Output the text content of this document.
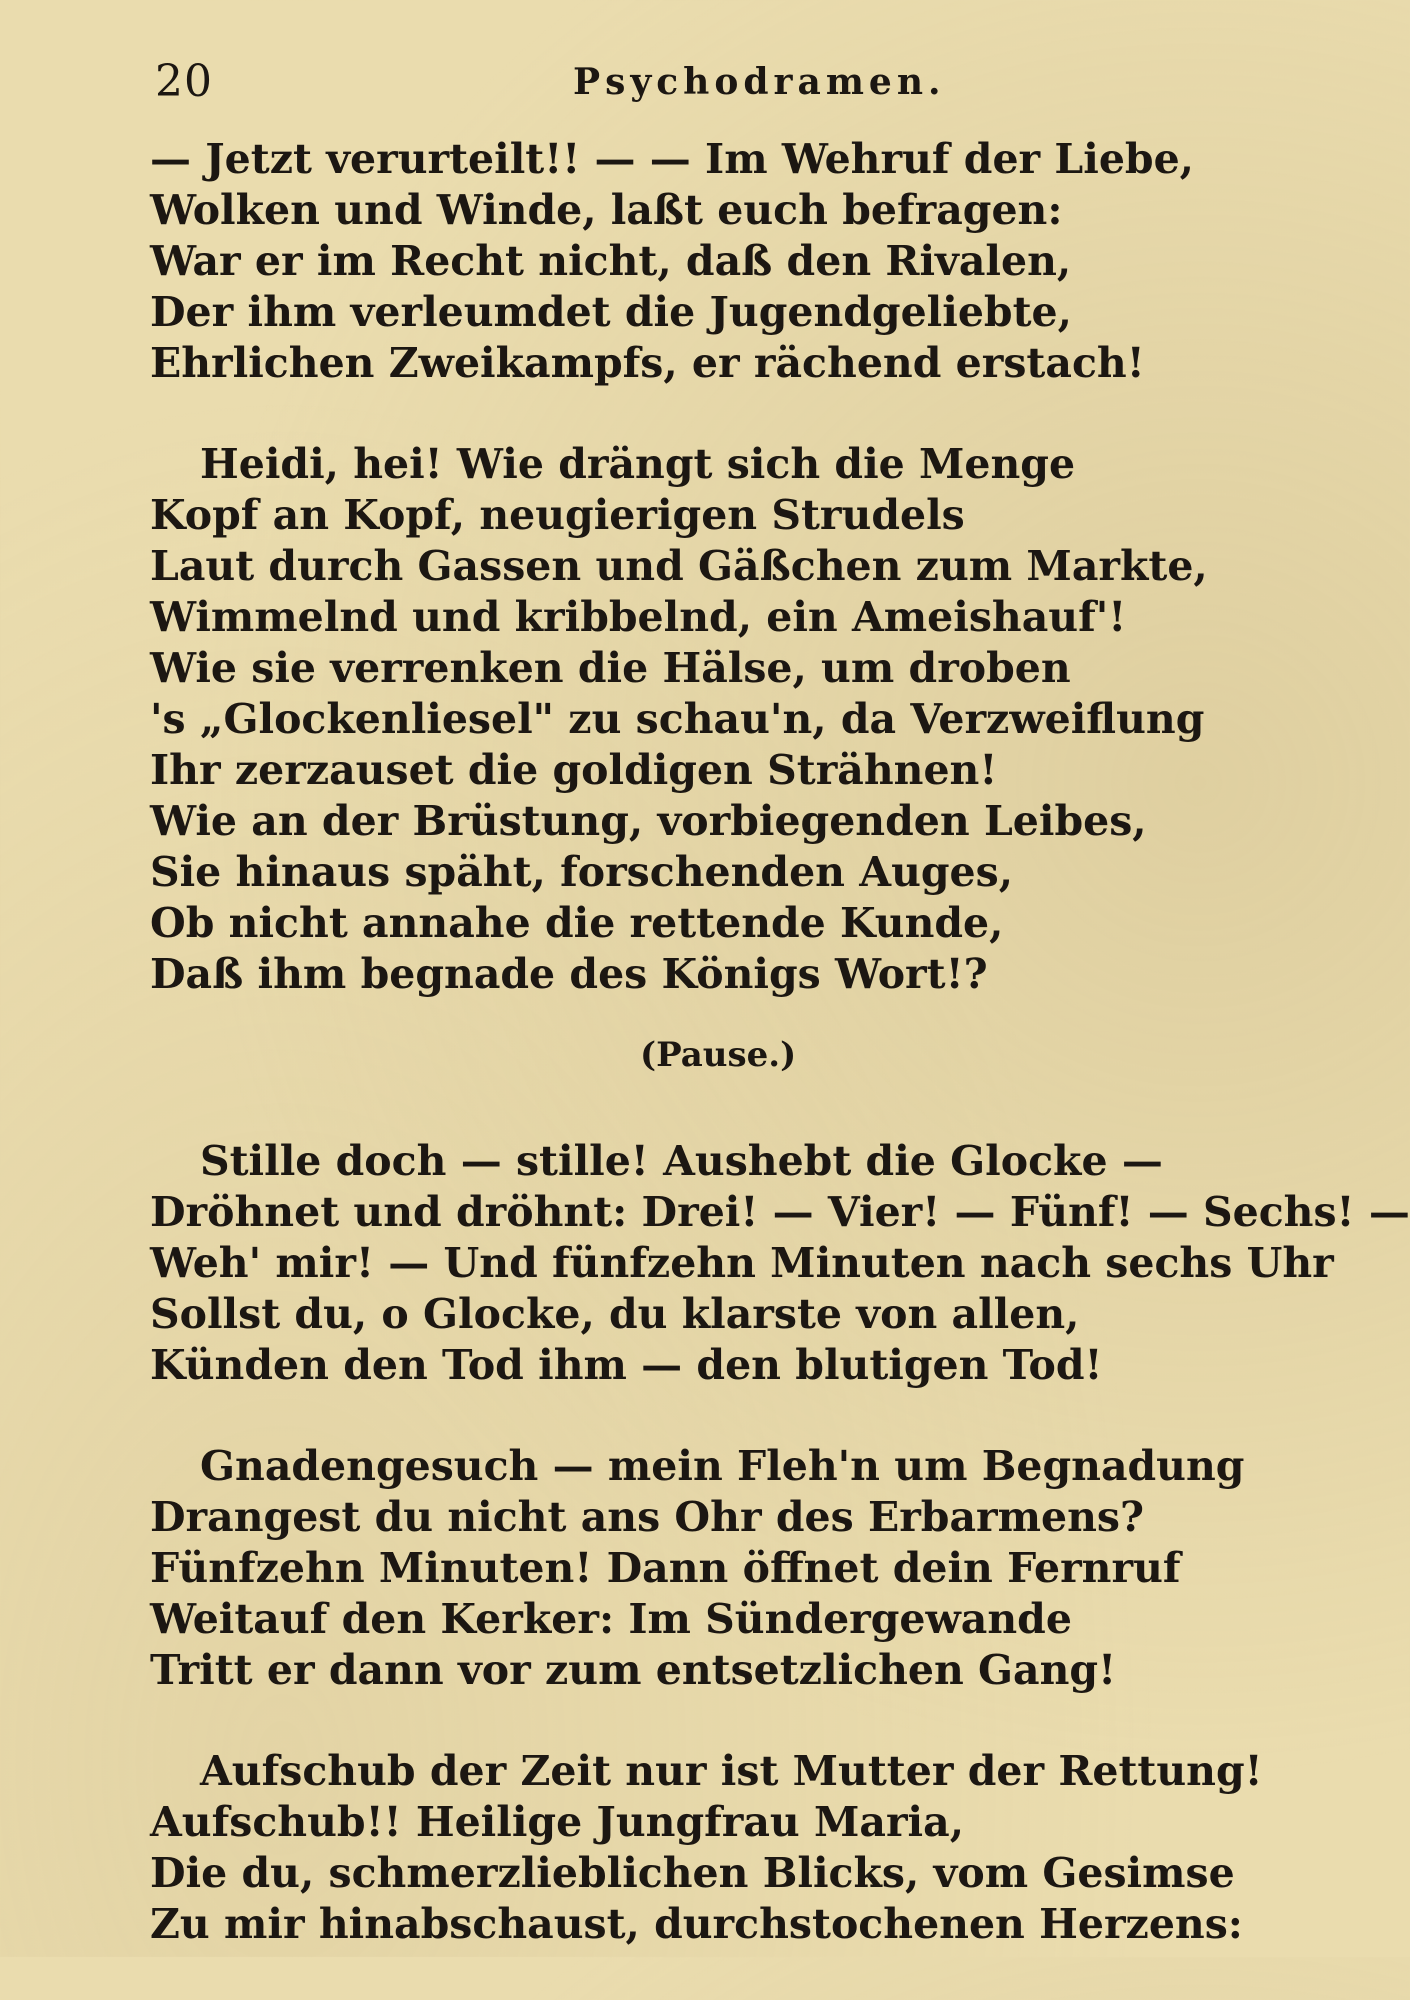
20	Psychodramen.
— Jetzt verurteilt!! — — Im Wehruf der Liebe,
Wolken und Winde, laßt euch befragen:
War er im Recht nicht, daß den Rivalen,
Der ihm verleumdet die Jugendgeliebte,
Ehrlichen Zweikampfs, er rächend erstach!
Heidi, hei! Wie drängt sich die Menge
Kopf an Kopf, neugierigen Strudels
Laut durch Gassen und Gäßchen zum Markte,
Wimmelnd und kribbelnd, ein Ameishauf'!
Wie sie verrenken die Hälse, um droben
's „Glockenliesel" zu schau'n, da Verzweiflung
Ihr zerzauset die goldigen Strähnen!
Wie an der Brüstung, vorbiegenden Leibes,
Sie hinaus späht, forschenden Auges,
Ob nicht annahe die rettende Kunde,
Daß ihm begnade des Königs Wort!?
(Pause.)
Stille doch — stille! Aushebt die Glocke —
Dröhnet und dröhnt: Drei! — Vier! — Fünf! — Sechs! —
Weh' mir! — Und fünfzehn Minuten nach sechs Uhr
Sollst du, o Glocke, du klarste von allen,
Künden den Tod ihm — den blutigen Tod!
Gnadengesuch — mein Fleh'n um Begnadung
Drangest du nicht ans Ohr des Erbarmens?
Fünfzehn Minuten! Dann öffnet dein Fernruf
Weitauf den Kerker: Im Sündergewande
Tritt er dann vor zum entsetzlichen Gang!
Aufschub der Zeit nur ist Mutter der Rettung!
Aufschub!! Heilige Jungfrau Maria,
Die du, schmerzlieblichen Blicks, vom Gesimse
Zu mir hinabschaust, durchstochenen Herzens:
